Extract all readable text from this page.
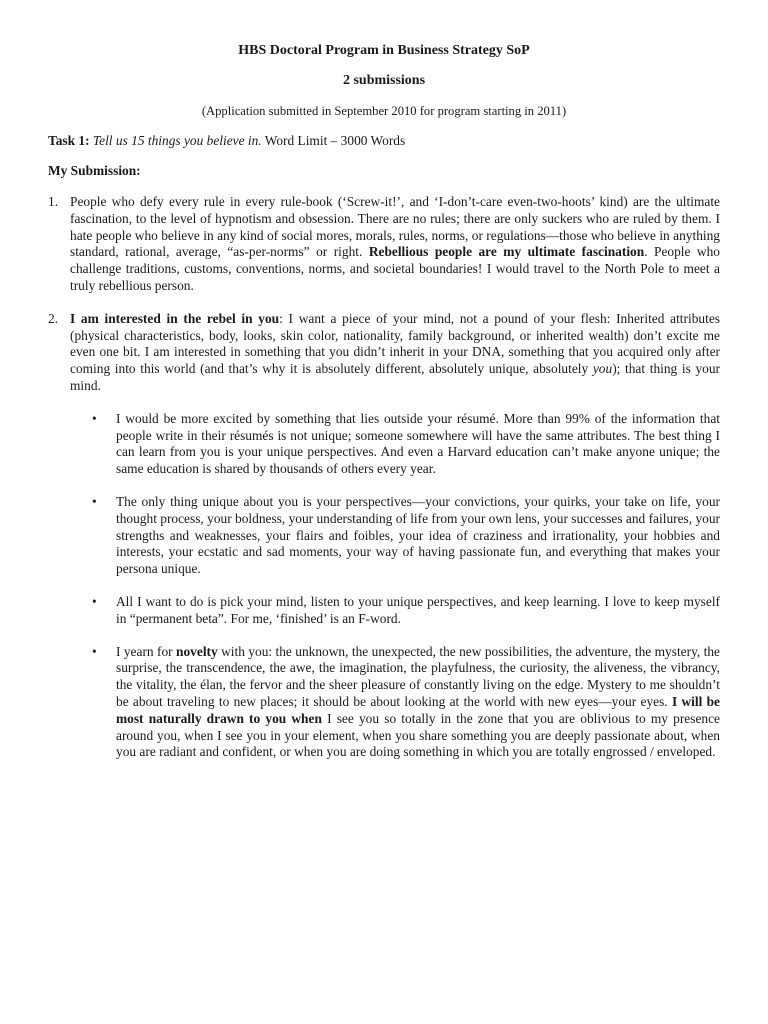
HBS Doctoral Program in Business Strategy SoP

2 submissions

(Application submitted in September 2010 for program starting in 2011)

Task 1: Tell us 15 things you believe in. Word Limit – 3000 Words

My Submission:

1. People who defy every rule in every rule-book (‘Screw-it!’, and ‘I-don’t-care even-two-hoots’ kind) are the ultimate fascination, to the level of hypnotism and obsession. There are no rules; there are only suckers who are ruled by them. I hate people who believe in any kind of social mores, morals, rules, norms, or regulations—those who believe in anything standard, rational, average, “as-per-norms” or right. Rebellious people are my ultimate fascination. People who challenge traditions, customs, conventions, norms, and societal boundaries! I would travel to the North Pole to meet a truly rebellious person.
2. I am interested in the rebel in you: I want a piece of your mind, not a pound of your flesh: Inherited attributes (physical characteristics, body, looks, skin color, nationality, family background, or inherited wealth) don’t excite me even one bit. I am interested in something that you didn’t inherit in your DNA, something that you acquired only after coming into this world (and that’s why it is absolutely different, absolutely unique, absolutely you); that thing is your mind.
• I would be more excited by something that lies outside your résumé. More than 99% of the information that people write in their résumés is not unique; someone somewhere will have the same attributes. The best thing I can learn from you is your unique perspectives. And even a Harvard education can’t make anyone unique; the same education is shared by thousands of others every year.
• The only thing unique about you is your perspectives—your convictions, your quirks, your take on life, your thought process, your boldness, your understanding of life from your own lens, your successes and failures, your strengths and weaknesses, your flairs and foibles, your idea of craziness and irrationality, your hobbies and interests, your ecstatic and sad moments, your way of having passionate fun, and everything that makes your persona unique.
• All I want to do is pick your mind, listen to your unique perspectives, and keep learning. I love to keep myself in “permanent beta”. For me, ‘finished’ is an F-word.
• I yearn for novelty with you: the unknown, the unexpected, the new possibilities, the adventure, the mystery, the surprise, the transcendence, the awe, the imagination, the playfulness, the curiosity, the aliveness, the vibrancy, the vitality, the élan, the fervor and the sheer pleasure of constantly living on the edge. Mystery to me shouldn’t be about traveling to new places; it should be about looking at the world with new eyes—your eyes. I will be most naturally drawn to you when I see you so totally in the zone that you are oblivious to my presence around you, when I see you in your element, when you share something you are deeply passionate about, when you are radiant and confident, or when you are doing something in which you are totally engrossed / enveloped.
